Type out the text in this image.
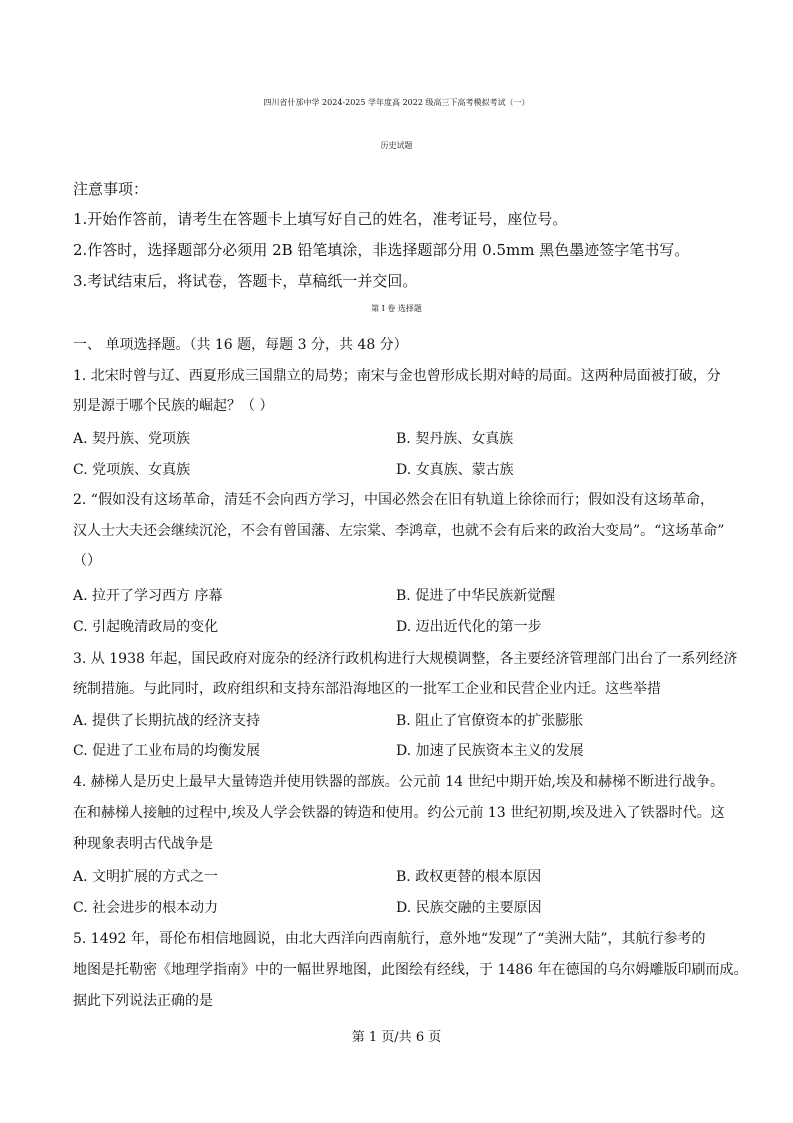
四川省什邡中学 2024-2025 学年度高 2022 级高三下高考模拟考试（一）
历史试题
注意事项：
1.开始作答前，请考生在答题卡上填写好自己的姓名，准考证号，座位号。
2.作答时，选择题部分必须用 2B 铅笔填涂，非选择题部分用 0.5mm 黑色墨迹签字笔书写。
3.考试结束后，将试卷，答题卡，草稿纸一并交回。
第 I 卷 选择题
一、 单项选择题。（共 16 题，每题 3 分，共 48 分）
1. 北宋时曾与辽、西夏形成三国鼎立的局势；南宋与金也曾形成长期对峙的局面。这两种局面被打破，分
别是源于哪个民族的崛起？（ ）
A. 契丹族、党项族	B. 契丹族、女真族
C. 党项族、女真族	D. 女真族、蒙古族
2. “假如没有这场革命，清廷不会向西方学习，中国必然会在旧有轨道上徐徐而行；假如没有这场革命，
汉人士大夫还会继续沉沦，不会有曾国藩、左宗棠、李鸿章，也就不会有后来的政治大变局”。“这场革命”
（）
A. 拉开了学习西方 序幕	B. 促进了中华民族新觉醒
C. 引起晚清政局的变化	D. 迈出近代化的第一步
3. 从 1938 年起，国民政府对庞杂的经济行政机构进行大规模调整，各主要经济管理部门出台了一系列经济
统制措施。与此同时，政府组织和支持东部沿海地区的一批军工企业和民营企业内迁。这些举措
A. 提供了长期抗战的经济支持	B. 阻止了官僚资本的扩张膨胀
C. 促进了工业布局的均衡发展	D. 加速了民族资本主义的发展
4. 赫梯人是历史上最早大量铸造并使用铁器的部族。公元前 14 世纪中期开始,埃及和赫梯不断进行战争。
在和赫梯人接触的过程中,埃及人学会铁器的铸造和使用。约公元前 13 世纪初期,埃及进入了铁器时代。这
种现象表明古代战争是
A. 文明扩展的方式之一	B. 政权更替的根本原因
C. 社会进步的根本动力	D. 民族交融的主要原因
5. 1492 年，哥伦布相信地圆说，由北大西洋向西南航行，意外地“发现”了“美洲大陆”，其航行参考的
地图是托勒密《地理学指南》中的一幅世界地图，此图绘有经线，于 1486 年在德国的乌尔姆雕版印刷而成。
据此下列说法正确的是
第 1 页/共 6 页
